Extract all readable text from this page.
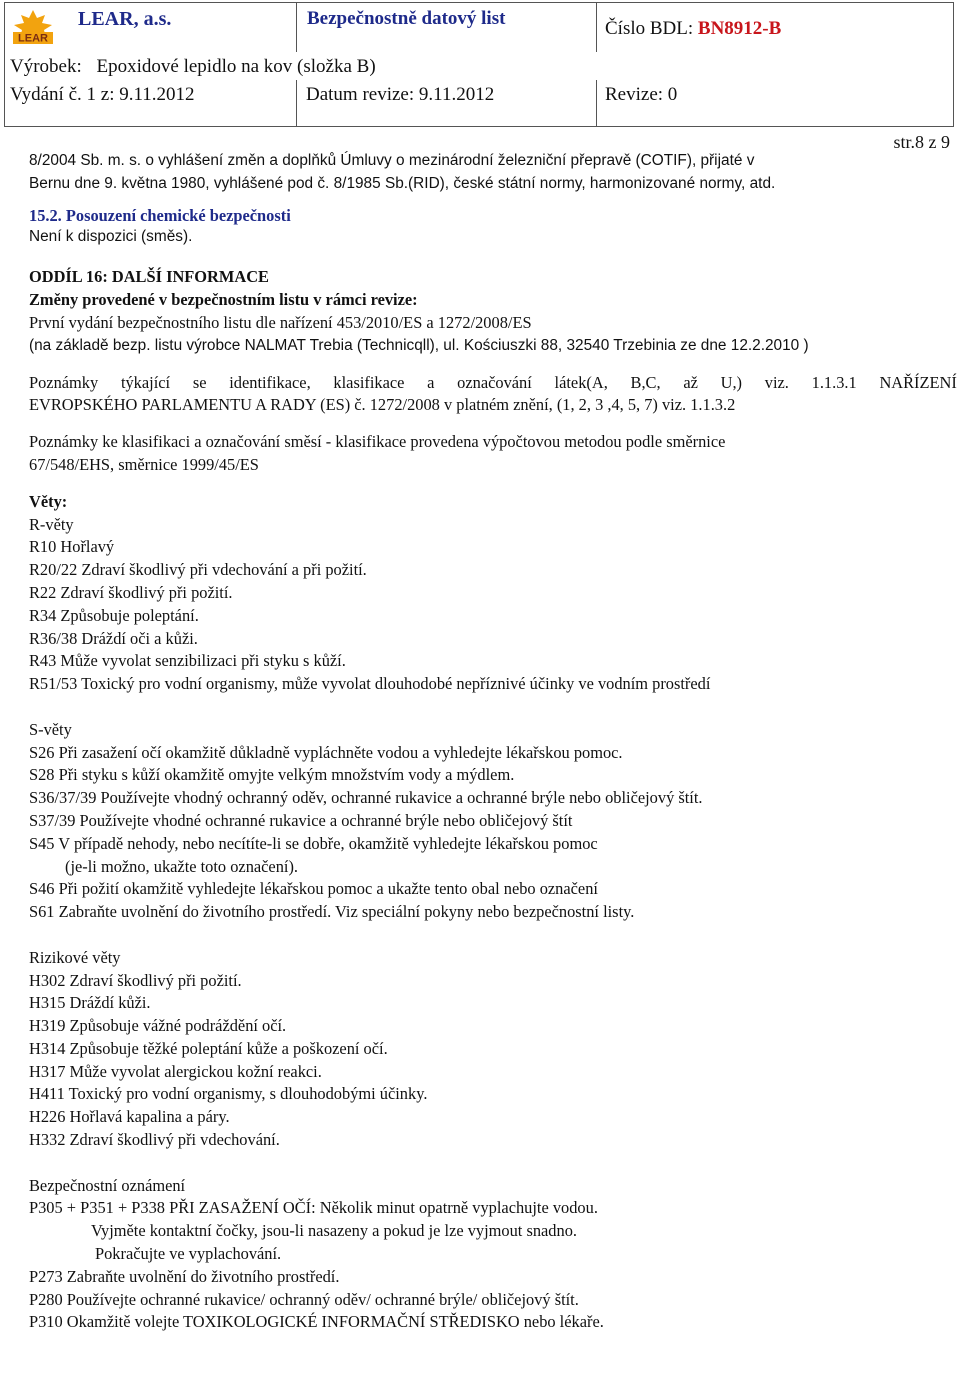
LEAR
LEAR, a.s.	Bezpečnostně datový list	Číslo BDL: BN8912-B
Výrobek: Epoxidové lepidlo na kov (složka B)
Vydání č. 1 z: 9.11.2012	Datum revize: 9.11.2012	Revize: 0
str.8 z 9
8/2004 Sb. m. s. o vyhlášení změn a doplňků Úmluvy o mezinárodní železniční přepravě (COTIF), přijaté v
Bernu dne 9. května 1980, vyhlášené pod č. 8/1985 Sb.(RID), české státní normy, harmonizované normy, atd.
15.2. Posouzení chemické bezpečnosti
Není k dispozici (směs).
ODDÍL 16: DALŠÍ INFORMACE
Změny provedené v bezpečnostním listu v rámci revize:
První vydání bezpečnostního listu dle nařízení 453/2010/ES a 1272/2008/ES
(na základě bezp. listu výrobce NALMAT Trebia (Technicqll), ul. Kościuszki 88, 32540 Trzebinia ze dne 12.2.2010 )
Poznámky týkající se identifikace, klasifikace a označování látek(A, B,C, až U,) viz. 1.1.3.1 NAŘÍZENÍ
EVROPSKÉHO PARLAMENTU A RADY (ES) č. 1272/2008 v platném znění, (1, 2, 3 ,4, 5, 7) viz. 1.1.3.2
Poznámky ke klasifikaci a označování směsí - klasifikace provedena výpočtovou metodou podle směrnice
67/548/EHS, směrnice 1999/45/ES
Věty:
R-věty
R10 Hořlavý
R20/22 Zdraví škodlivý při vdechování a při požití.
R22 Zdraví škodlivý při požití.
R34 Způsobuje poleptání.
R36/38 Dráždí oči a kůži.
R43 Může vyvolat senzibilizaci při styku s kůží.
R51/53 Toxický pro vodní organismy, může vyvolat dlouhodobé nepříznivé účinky ve vodním prostředí
S-věty
S26 Při zasažení očí okamžitě důkladně vypláchněte vodou a vyhledejte lékařskou pomoc.
S28 Při styku s kůží okamžitě omyjte velkým množstvím vody a mýdlem.
S36/37/39 Používejte vhodný ochranný oděv, ochranné rukavice a ochranné brýle nebo obličejový štít.
S37/39 Používejte vhodné ochranné rukavice a ochranné brýle nebo obličejový štít
S45 V případě nehody, nebo necítíte-li se dobře, okamžitě vyhledejte lékařskou pomoc
(je-li možno, ukažte toto označení).
S46 Při požití okamžitě vyhledejte lékařskou pomoc a ukažte tento obal nebo označení
S61 Zabraňte uvolnění do životního prostředí. Viz speciální pokyny nebo bezpečnostní listy.
Rizikové věty
H302 Zdraví škodlivý při požití.
H315 Dráždí kůži.
H319 Způsobuje vážné podráždění očí.
H314 Způsobuje těžké poleptání kůže a poškození očí.
H317 Může vyvolat alergickou kožní reakci.
H411 Toxický pro vodní organismy, s dlouhodobými účinky.
H226 Hořlavá kapalina a páry.
H332 Zdraví škodlivý při vdechování.
Bezpečnostní oznámení
P305 + P351 + P338 PŘI ZASAŽENÍ OČÍ: Několik minut opatrně vyplachujte vodou.
Vyjměte kontaktní čočky, jsou-li nasazeny a pokud je lze vyjmout snadno.
Pokračujte ve vyplachování.
P273 Zabraňte uvolnění do životního prostředí.
P280 Používejte ochranné rukavice/ ochranný oděv/ ochranné brýle/ obličejový štít.
P310 Okamžitě volejte TOXIKOLOGICKÉ INFORMAČNÍ STŘEDISKO nebo lékaře.
